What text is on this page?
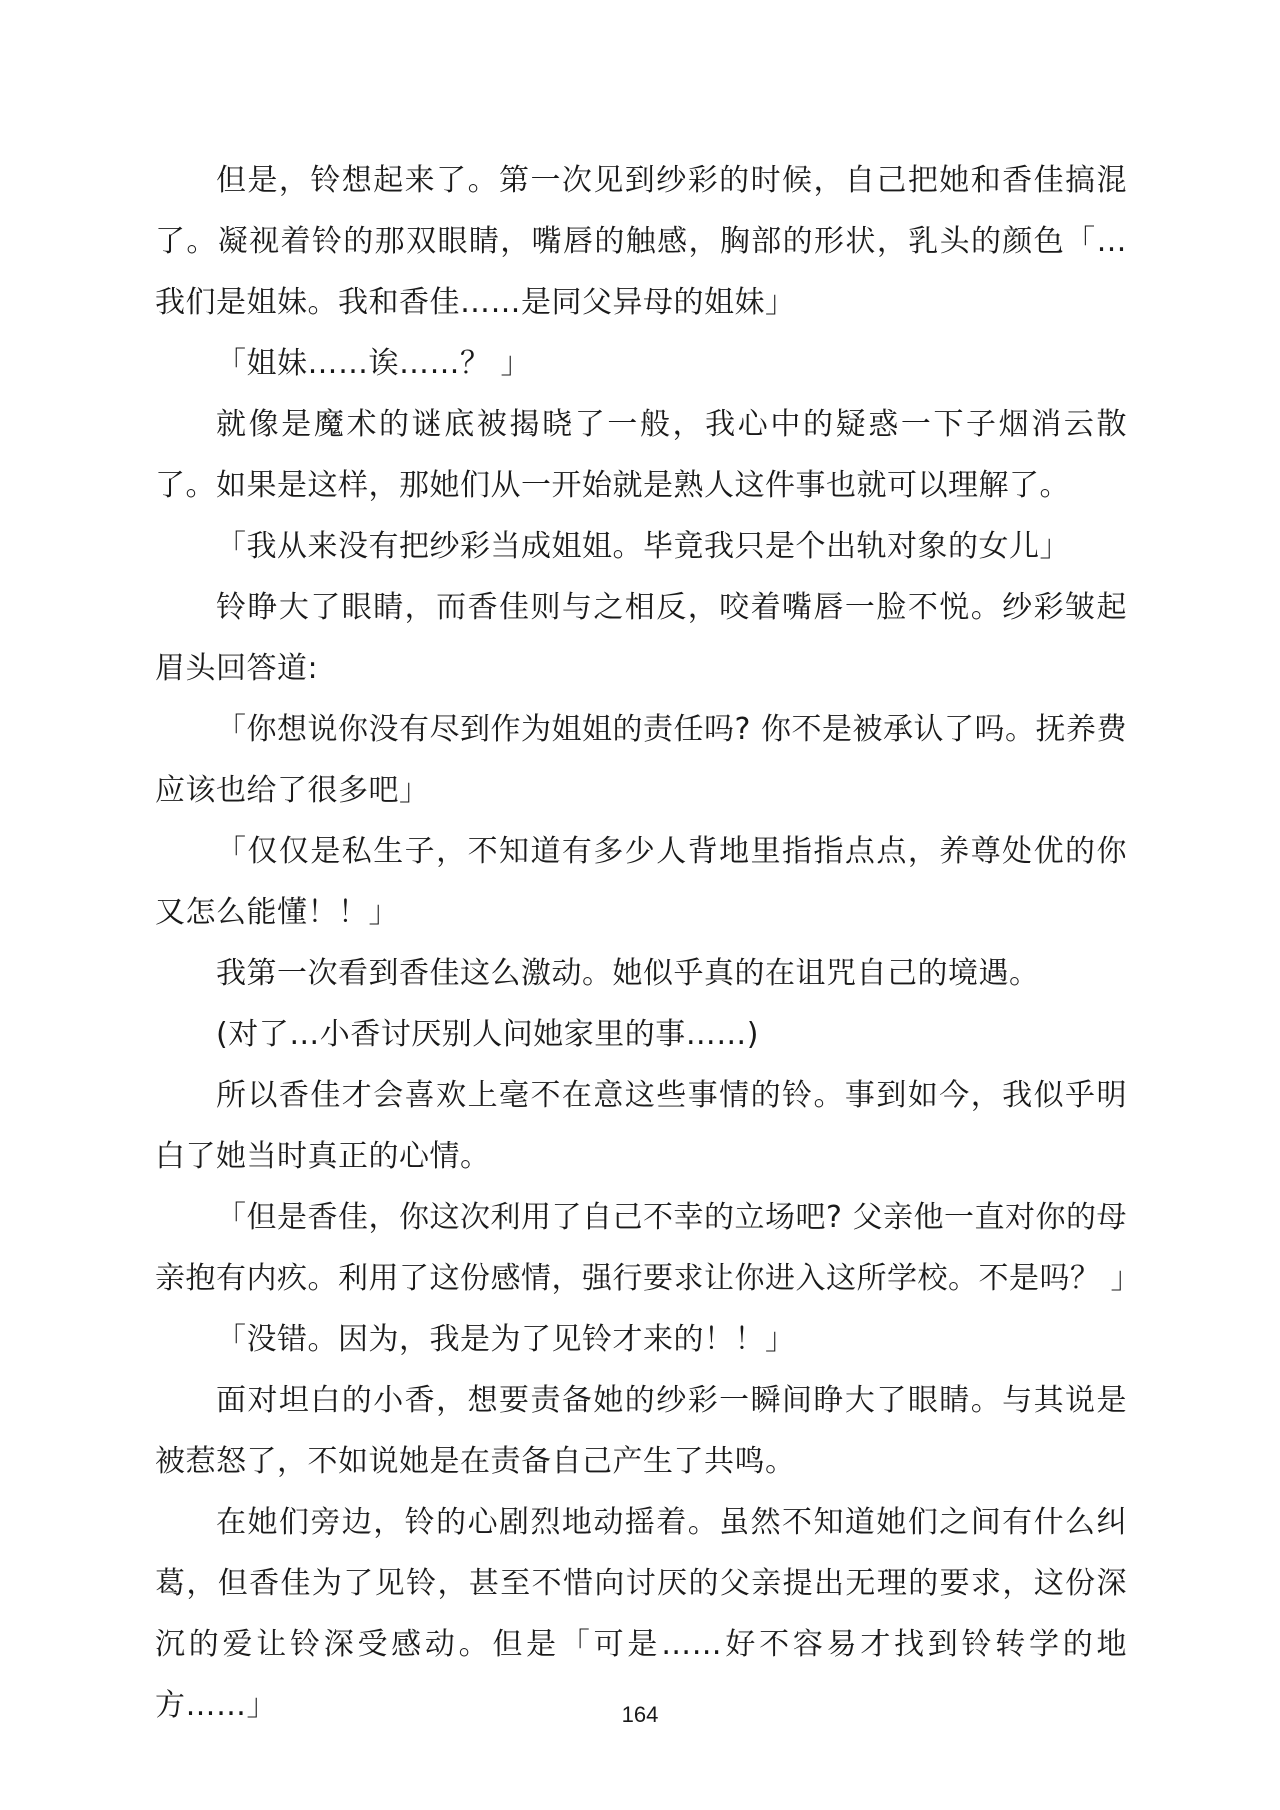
但是，铃想起来了。第一次见到纱彩的时候，自己把她和香佳搞混了。凝视着铃的那双眼睛，嘴唇的触感，胸部的形状，乳头的颜色「…我们是姐妹。我和香佳……是同父异母的姐妹」

「姐妹……诶……？ 」

就像是魔术的谜底被揭晓了一般，我心中的疑惑一下子烟消云散了。如果是这样，那她们从一开始就是熟人这件事也就可以理解了。

「我从来没有把纱彩当成姐姐。毕竟我只是个出轨对象的女儿」

铃睁大了眼睛，而香佳则与之相反，咬着嘴唇一脸不悦。纱彩皱起眉头回答道:

「你想说你没有尽到作为姐姐的责任吗? 你不是被承认了吗。抚养费应该也给了很多吧」

「仅仅是私生子，不知道有多少人背地里指指点点，养尊处优的你又怎么能懂！！」

我第一次看到香佳这么激动。她似乎真的在诅咒自己的境遇。

(对了…小香讨厌别人问她家里的事……)

所以香佳才会喜欢上毫不在意这些事情的铃。事到如今，我似乎明白了她当时真正的心情。

「但是香佳，你这次利用了自己不幸的立场吧? 父亲他一直对你的母亲抱有内疚。利用了这份感情，强行要求让你进入这所学校。不是吗？ 」

「没错。因为，我是为了见铃才来的！！」

面对坦白的小香，想要责备她的纱彩一瞬间睁大了眼睛。与其说是被惹怒了，不如说她是在责备自己产生了共鸣。

在她们旁边，铃的心剧烈地动摇着。虽然不知道她们之间有什么纠葛，但香佳为了见铃，甚至不惜向讨厌的父亲提出无理的要求，这份深沉的爱让铃深受感动。但是「可是……好不容易才找到铃转学的地方……」	164
